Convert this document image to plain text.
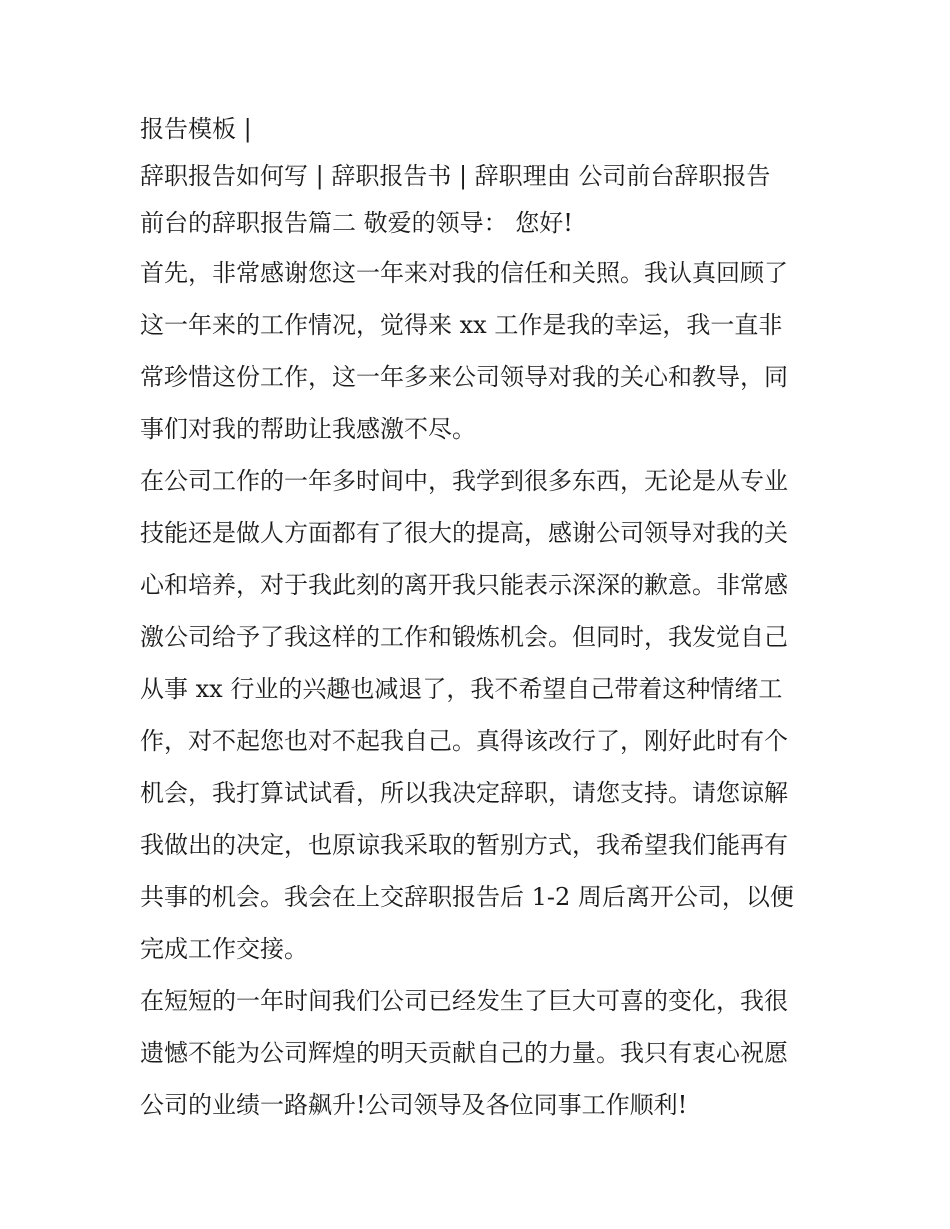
报告模板 |
辞职报告如何写 | 辞职报告书 | 辞职理由 公司前台辞职报告
前台的辞职报告篇二 敬爱的领导： 您好!
首先，非常感谢您这一年来对我的信任和关照。我认真回顾了
这一年来的工作情况，觉得来 xx 工作是我的幸运，我一直非
常珍惜这份工作，这一年多来公司领导对我的关心和教导，同
事们对我的帮助让我感激不尽。
在公司工作的一年多时间中，我学到很多东西，无论是从专业
技能还是做人方面都有了很大的提高，感谢公司领导对我的关
心和培养，对于我此刻的离开我只能表示深深的歉意。非常感
激公司给予了我这样的工作和锻炼机会。但同时，我发觉自己
从事 xx 行业的兴趣也减退了，我不希望自己带着这种情绪工
作，对不起您也对不起我自己。真得该改行了，刚好此时有个
机会，我打算试试看，所以我决定辞职，请您支持。请您谅解
我做出的决定，也原谅我采取的暂别方式，我希望我们能再有
共事的机会。我会在上交辞职报告后 1-2 周后离开公司，以便
完成工作交接。
在短短的一年时间我们公司已经发生了巨大可喜的变化，我很
遗憾不能为公司辉煌的明天贡献自己的力量。我只有衷心祝愿
公司的业绩一路飙升!公司领导及各位同事工作顺利!
